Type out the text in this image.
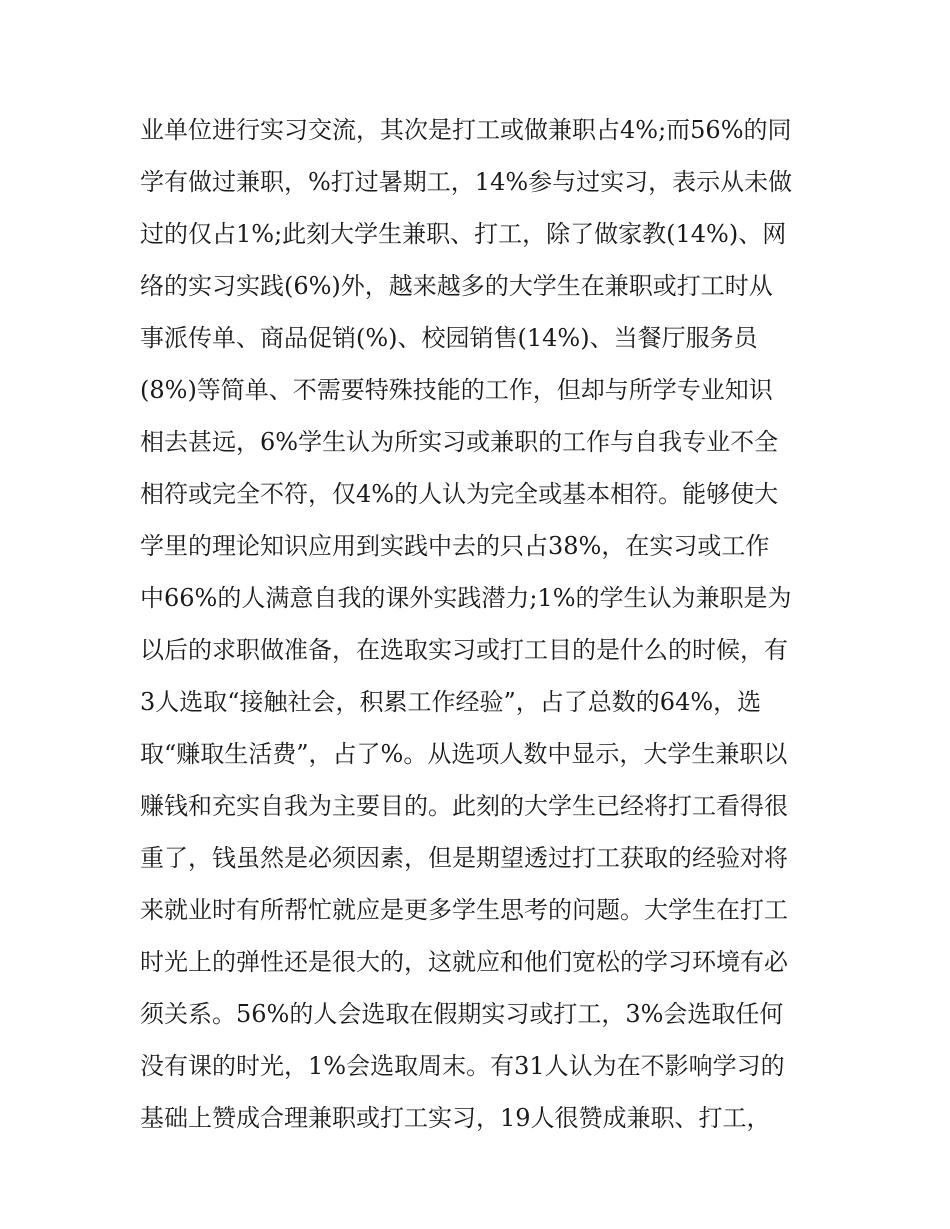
业单位进行实习交流，其次是打工或做兼职占4%;而56%的同
学有做过兼职，%打过暑期工，14%参与过实习，表示从未做
过的仅占1%;此刻大学生兼职、打工，除了做家教(14%)、网
络的实习实践(6%)外，越来越多的大学生在兼职或打工时从
事派传单、商品促销(%)、校园销售(14%)、当餐厅服务员
(8%)等简单、不需要特殊技能的工作，但却与所学专业知识
相去甚远，6%学生认为所实习或兼职的工作与自我专业不全
相符或完全不符，仅4%的人认为完全或基本相符。能够使大
学里的理论知识应用到实践中去的只占38%，在实习或工作
中66%的人满意自我的课外实践潜力;1%的学生认为兼职是为
以后的求职做准备，在选取实习或打工目的是什么的时候，有
3人选取“接触社会，积累工作经验”，占了总数的64%，选
取“赚取生活费”，占了%。从选项人数中显示，大学生兼职以
赚钱和充实自我为主要目的。此刻的大学生已经将打工看得很
重了，钱虽然是必须因素，但是期望透过打工获取的经验对将
来就业时有所帮忙就应是更多学生思考的问题。大学生在打工
时光上的弹性还是很大的，这就应和他们宽松的学习环境有必
须关系。56%的人会选取在假期实习或打工，3%会选取任何
没有课的时光，1%会选取周末。有31人认为在不影响学习的
基础上赞成合理兼职或打工实习，19人很赞成兼职、打工，
